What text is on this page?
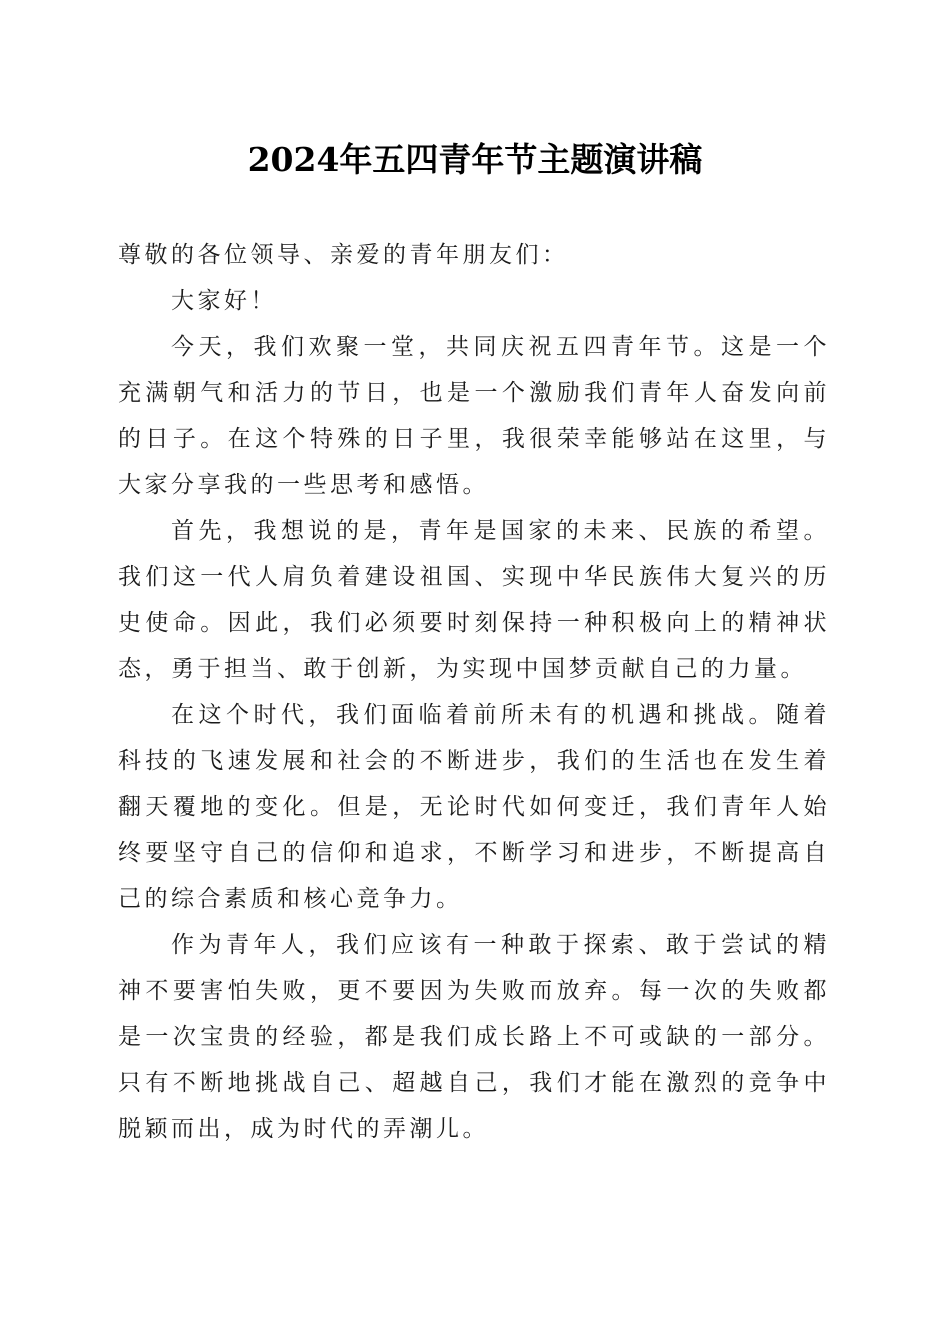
2024年五四青年节主题演讲稿

尊敬的各位领导、亲爱的青年朋友们：

大家好！

今天，我们欢聚一堂，共同庆祝五四青年节。这是一个充满朝气和活力的节日，也是一个激励我们青年人奋发向前的日子。在这个特殊的日子里，我很荣幸能够站在这里，与大家分享我的一些思考和感悟。

首先，我想说的是，青年是国家的未来、民族的希望。我们这一代人肩负着建设祖国、实现中华民族伟大复兴的历史使命。因此，我们必须要时刻保持一种积极向上的精神状态，勇于担当、敢于创新，为实现中国梦贡献自己的力量。

在这个时代，我们面临着前所未有的机遇和挑战。随着科技的飞速发展和社会的不断进步，我们的生活也在发生着翻天覆地的变化。但是，无论时代如何变迁，我们青年人始终要坚守自己的信仰和追求，不断学习和进步，不断提高自己的综合素质和核心竞争力。

作为青年人，我们应该有一种敢于探索、敢于尝试的精神不要害怕失败，更不要因为失败而放弃。每一次的失败都是一次宝贵的经验，都是我们成长路上不可或缺的一部分。只有不断地挑战自己、超越自己，我们才能在激烈的竞争中脱颖而出，成为时代的弄潮儿。
